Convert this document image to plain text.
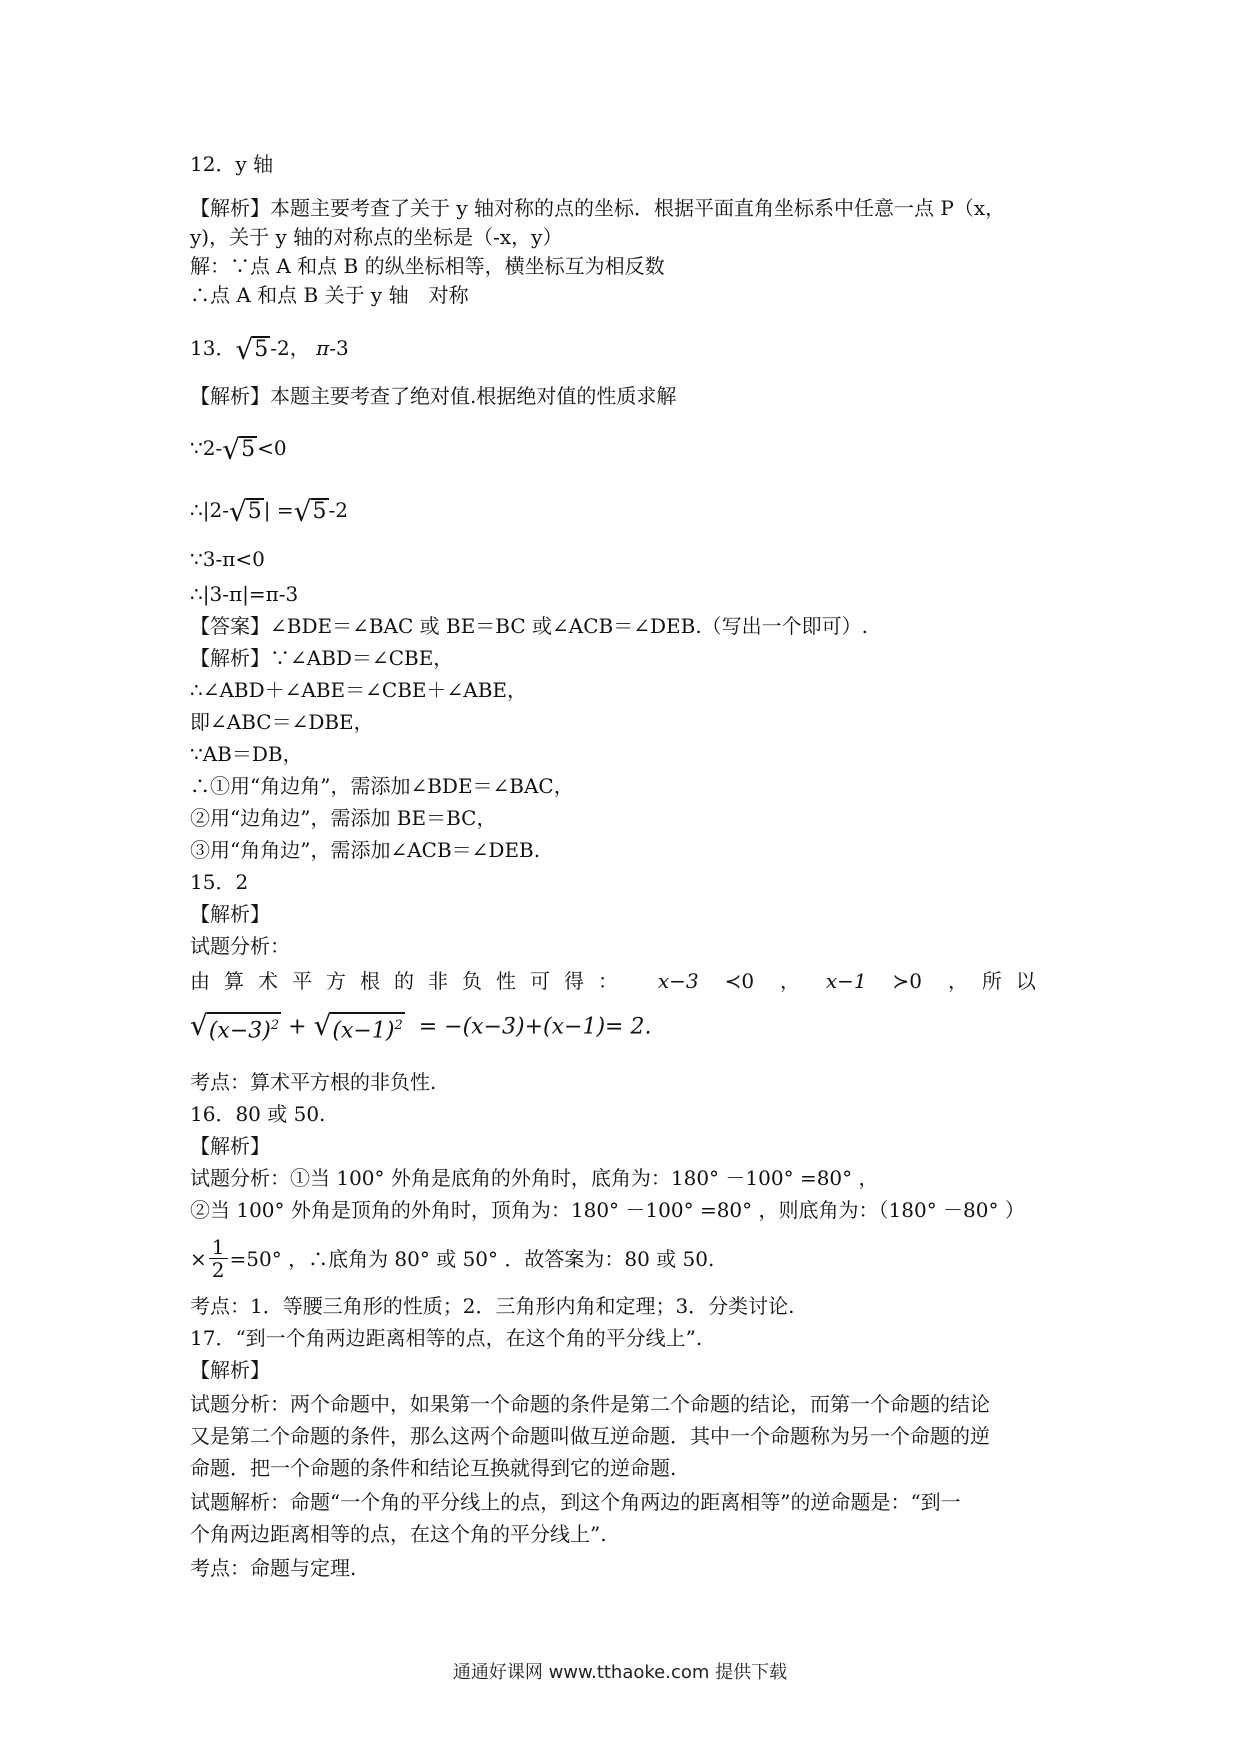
12．y 轴
【解析】本题主要考查了关于 y 轴对称的点的坐标．根据平面直角坐标系中任意一点 P（x，
y)，关于 y 轴的对称点的坐标是（-x，y）
解：∵点 A 和点 B 的纵坐标相等，横坐标互为相反数
∴点 A 和点 B 关于 y 轴　对称
13． √ 5 -2， π-3
【解析】本题主要考查了绝对值.根据绝对值的性质求解
∵2- √ 5 <0
∴|2- √ 5 | = √ 5 -2
∵3-π<0
∴|3-π|=π-3
【答案】∠BDE＝∠BAC 或 BE＝BC 或∠ACB＝∠DEB.（写出一个即可）.
【解析】∵∠ABD＝∠CBE，
∴∠ABD＋∠ABE＝∠CBE＋∠ABE，
即∠ABC＝∠DBE，
∵AB＝DB，
∴①用“角边角”，需添加∠BDE＝∠BAC，
②用“边角边”，需添加 BE＝BC，
③用“角角边”，需添加∠ACB＝∠DEB.
15．2
【解析】
试题分析：
由算术平方根的非负性可得： x−3 ≺0 ， x−1 ≻0 ，所以
√ $(x-3)^2$ + √ $(x-1)^2 = -(x-3)+(x-1)= 2$.
考点：算术平方根的非负性.
16．80 或 50.
【解析】
试题分析：①当 100° 外角是底角的外角时，底角为：180° －100° =80° ，
②当 100° 外角是顶角的外角时，顶角为：180° －100° =80° ，则底角为：（180° －80° ）
× $\frac{1}{2} =50^\circ$ ，∴底角为 80° 或 50° ．故答案为：80 或 50.
考点：1．等腰三角形的性质；2．三角形内角和定理；3．分类讨论.
17．“到一个角两边距离相等的点，在这个角的平分线上”.
【解析】
试题分析：两个命题中，如果第一个命题的条件是第二个命题的结论，而第一个命题的结论
又是第二个命题的条件，那么这两个命题叫做互逆命题．其中一个命题称为另一个命题的逆
命题．把一个命题的条件和结论互换就得到它的逆命题.
试题解析：命题“一个角的平分线上的点，到这个角两边的距离相等”的逆命题是：“到一
个角两边距离相等的点，在这个角的平分线上”.
考点：命题与定理.
通通好课网 www.tthaoke.com 提供下载
